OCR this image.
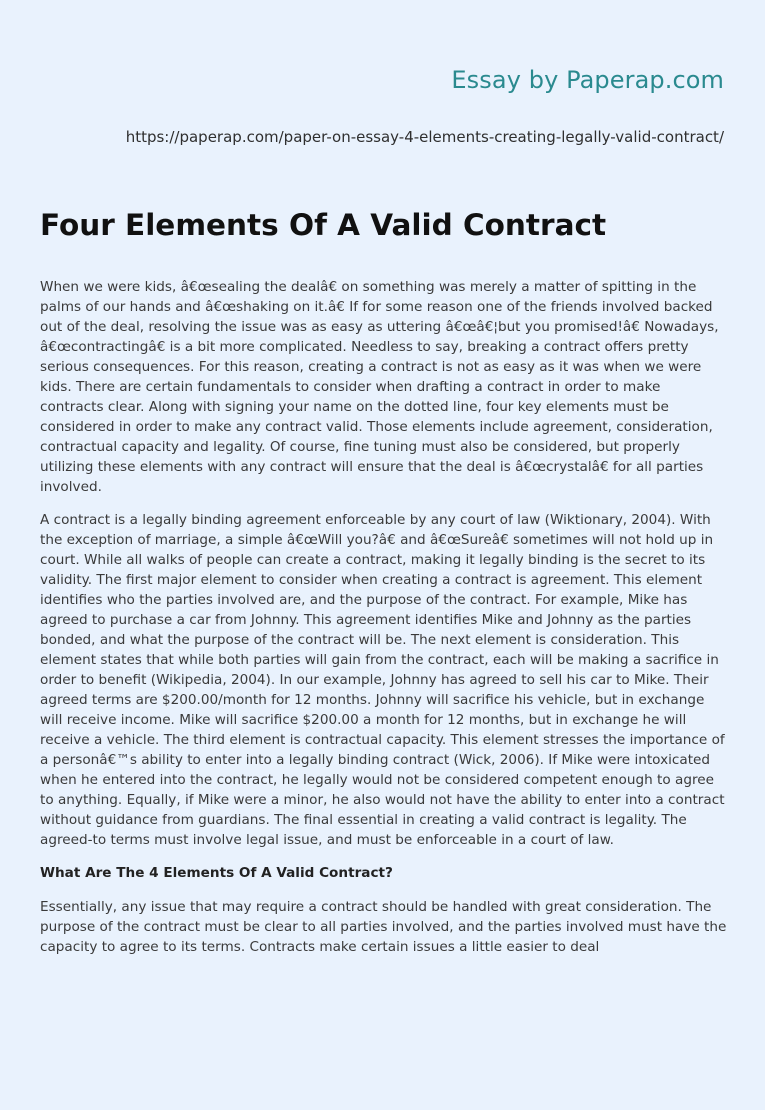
Essay by Paperap.com

https://paperap.com/paper-on-essay-4-elements-creating-legally-valid-contract/

Four Elements Of A Valid Contract

When we were kids, â€œsealing the dealâ€ on something was merely a matter of spitting in the palms of our hands and â€œshaking on it.â€ If for some reason one of the friends involved backed out of the deal, resolving the issue was as easy as uttering â€œâ€¦but you promised!â€ Nowadays, â€œcontractingâ€ is a bit more complicated. Needless to say, breaking a contract offers pretty serious consequences. For this reason, creating a contract is not as easy as it was when we were kids. There are certain fundamentals to consider when drafting a contract in order to make contracts clear. Along with signing your name on the dotted line, four key elements must be considered in order to make any contract valid. Those elements include agreement, consideration, contractual capacity and legality. Of course, fine tuning must also be considered, but properly utilizing these elements with any contract will ensure that the deal is â€œcrystalâ€ for all parties involved.

A contract is a legally binding agreement enforceable by any court of law (Wiktionary, 2004). With the exception of marriage, a simple â€œWill you?â€ and â€œSureâ€ sometimes will not hold up in court. While all walks of people can create a contract, making it legally binding is the secret to its validity. The first major element to consider when creating a contract is agreement. This element identifies who the parties involved are, and the purpose of the contract. For example, Mike has agreed to purchase a car from Johnny. This agreement identifies Mike and Johnny as the parties bonded, and what the purpose of the contract will be. The next element is consideration. This element states that while both parties will gain from the contract, each will be making a sacrifice in order to benefit (Wikipedia, 2004). In our example, Johnny has agreed to sell his car to Mike. Their agreed terms are $200.00/month for 12 months. Johnny will sacrifice his vehicle, but in exchange will receive income. Mike will sacrifice $200.00 a month for 12 months, but in exchange he will receive a vehicle. The third element is contractual capacity. This element stresses the importance of a personâ€™s ability to enter into a legally binding contract (Wick, 2006). If Mike were intoxicated when he entered into the contract, he legally would not be considered competent enough to agree to anything. Equally, if Mike were a minor, he also would not have the ability to enter into a contract without guidance from guardians. The final essential in creating a valid contract is legality. The agreed-to terms must involve legal issue, and must be enforceable in a court of law.

What Are The 4 Elements Of A Valid Contract?

Essentially, any issue that may require a contract should be handled with great consideration. The purpose of the contract must be clear to all parties involved, and the parties involved must have the capacity to agree to its terms. Contracts make certain issues a little easier to deal
